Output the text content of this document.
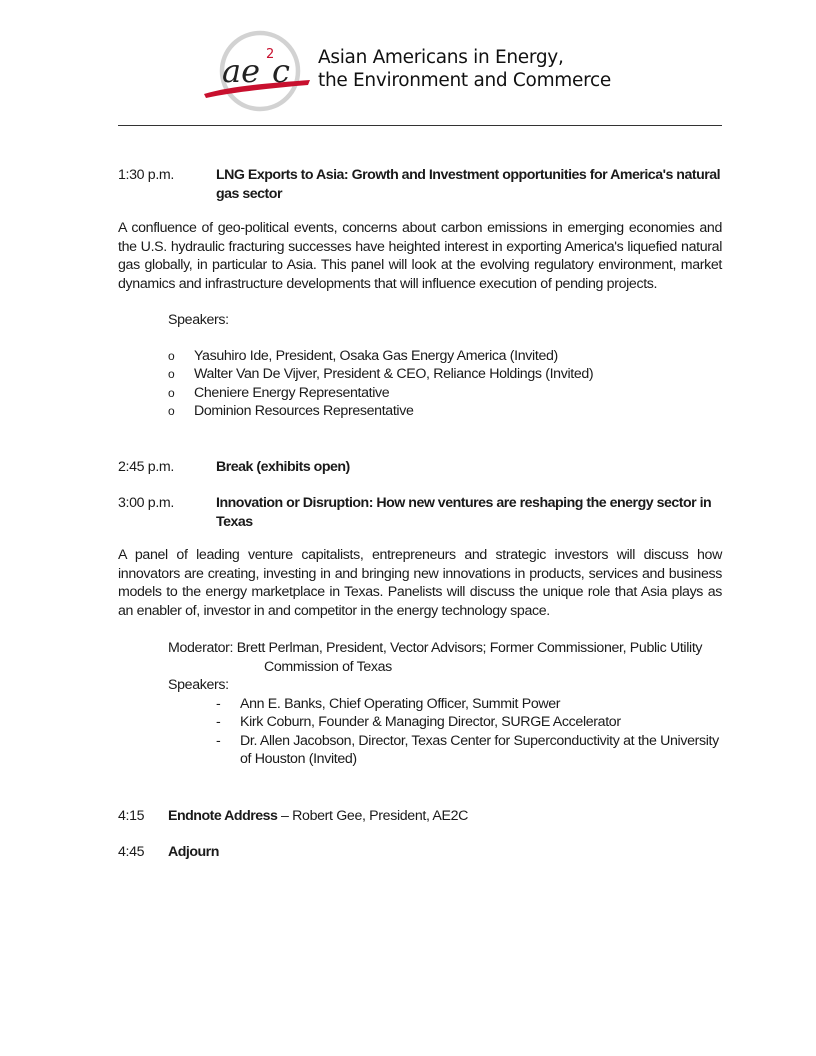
ae 2
c Asian Americans in Energy,
the Environment and Commerce
1:30 p.m.	LNG Exports to Asia: Growth and Investment opportunities for America's natural gas sector

A confluence of geo-political events, concerns about carbon emissions in emerging economies and the U.S. hydraulic fracturing successes have heighted interest in exporting America's liquefied natural gas globally, in particular to Asia. This panel will look at the evolving regulatory environment, market dynamics and infrastructure developments that will influence execution of pending projects.

Speakers:
o	Yasuhiro Ide, President, Osaka Gas Energy America (Invited)
o	Walter Van De Vijver, President & CEO, Reliance Holdings (Invited)
o	Cheniere Energy Representative
o	Dominion Resources Representative
2:45 p.m.	Break (exhibits open)
3:00 p.m.	Innovation or Disruption: How new ventures are reshaping the energy sector in Texas

A panel of leading venture capitalists, entrepreneurs and strategic investors will discuss how innovators are creating, investing in and bringing new innovations in products, services and business models to the energy marketplace in Texas. Panelists will discuss the unique role that Asia plays as an enabler of, investor in and competitor in the energy technology space.

Moderator: Brett Perlman, President, Vector Advisors; Former Commissioner, Public Utility
Commission of Texas
Speakers:
-	Ann E. Banks, Chief Operating Officer, Summit Power
-	Kirk Coburn, Founder & Managing Director, SURGE Accelerator
-	Dr. Allen Jacobson, Director, Texas Center for Superconductivity at the University of Houston (Invited)
4:15	Endnote Address – Robert Gee, President, AE2C
4:45	Adjourn
